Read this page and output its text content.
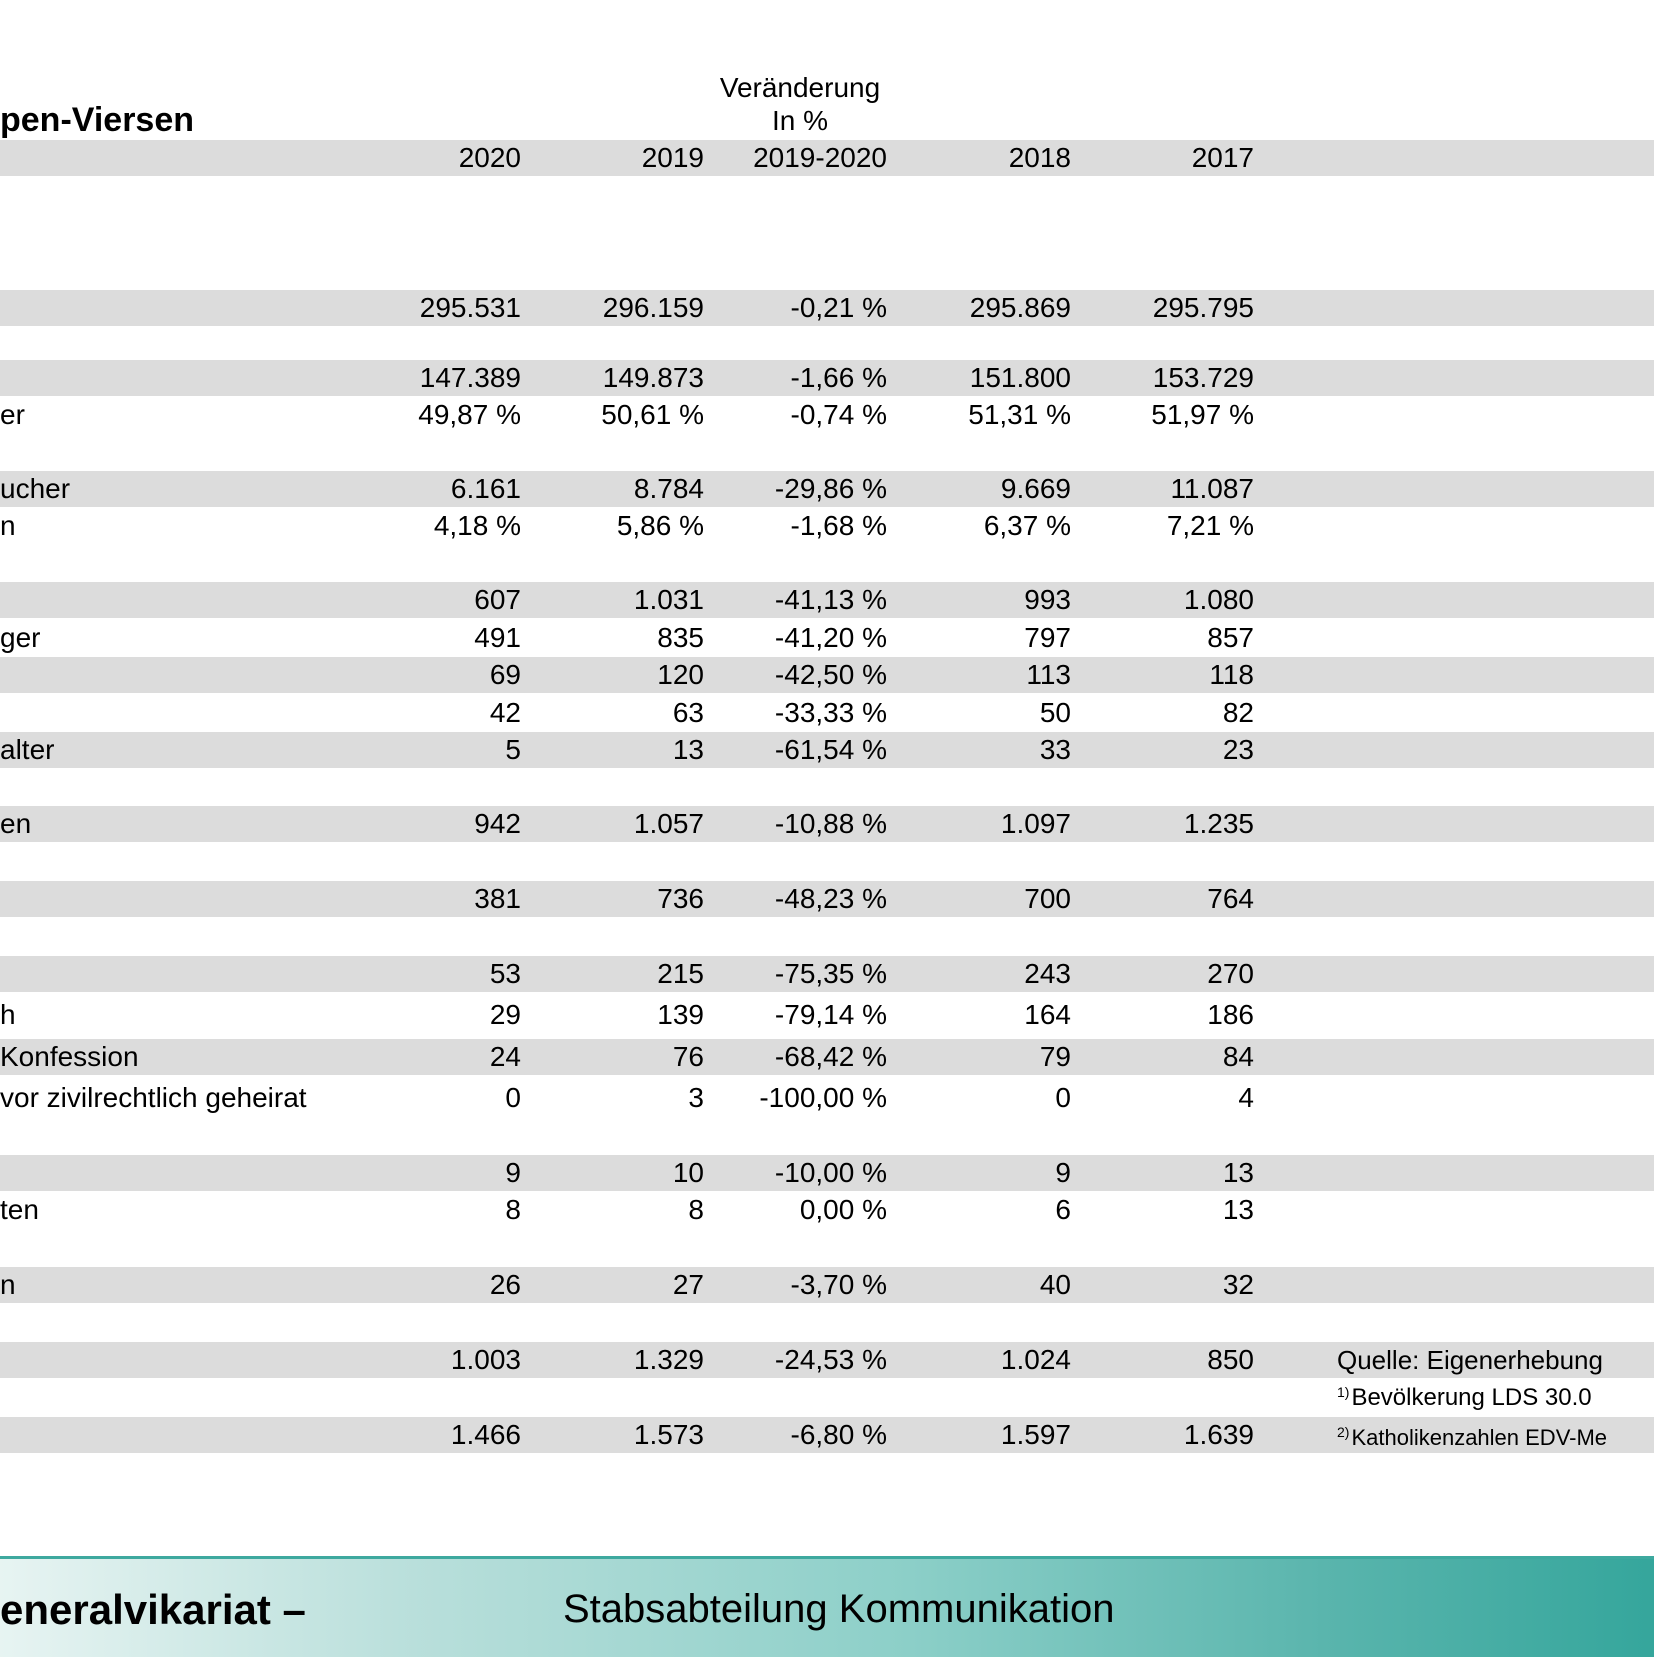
pen-Viersen
Veränderung
In %
2020	2019 2019-2020	2018	2017
295.531	296.159	-0,21 %	295.869	295.795
147.389	149.873	-1,66 %	151.800	153.729
er	49,87 %	50,61 %	-0,74 %	51,31 %	51,97 %
ucher	6.161	8.784	-29,86 %	9.669	11.087
n	4,18 %	5,86 %	-1,68 %	6,37 %	7,21 %
607	1.031	-41,13 %	993	1.080
ger	491	835	-41,20 %	797	857
69	120	-42,50 %	113	118
42	63	-33,33 %	50	82
alter	5	13	-61,54 %	33	23
en	942	1.057	-10,88 %	1.097	1.235
381	736	-48,23 %	700	764
53	215	-75,35 %	243	270
h	29	139	-79,14 %	164	186
Konfession	24	76	-68,42 %	79	84
vor zivilrechtlich geheirat	0	3 -100,00 %	0	4
9	10	-10,00 %	9	13
ten	8	8	0,00 %	6	13
n	26	27	-3,70 %	40	32
1.003	1.329	-24,53 %	1.024	850
1.466	1.573	-6,80 %	1.597	1.639
Quelle: Eigenerhebung
$^{1)}$Bevölkerung LDS 30.0
$^{2)}$Katholikenzahlen EDV-Me
eneralvikariat –	Stabsabteilung Kommunikation
